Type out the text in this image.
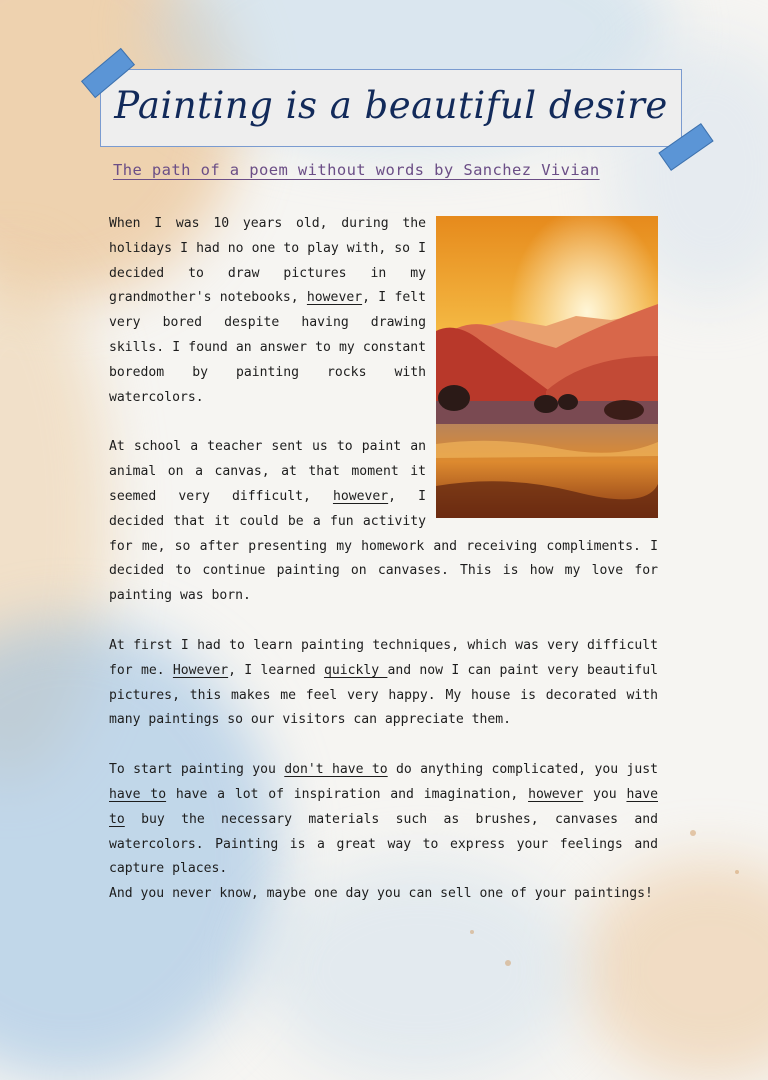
Painting is a beautiful desire
The path of a poem without words by Sanchez Vivian

When I was 10 years old, during the holidays I had no one to play with, so I decided to draw pictures in my grandmother's notebooks, however, I felt very bored despite having drawing skills. I found an answer to my constant boredom by painting rocks with watercolors.

At school a teacher sent us to paint an animal on a canvas, at that moment it seemed very difficult, however, I decided that it could be a fun activity for me, so after presenting my homework and receiving compliments. I decided to continue painting on canvases. This is how my love for painting was born.

At first I had to learn painting techniques, which was very difficult for me. However, I learned quickly and now I can paint very beautiful pictures, this makes me feel very happy. My house is decorated with many paintings so our visitors can appreciate them.

To start painting you don't have to do anything complicated, you just have to have a lot of inspiration and imagination, however you have to buy the necessary materials such as brushes, canvases and watercolors. Painting is a great way to express your feelings and capture places.

And you never know, maybe one day you can sell one of your paintings!
